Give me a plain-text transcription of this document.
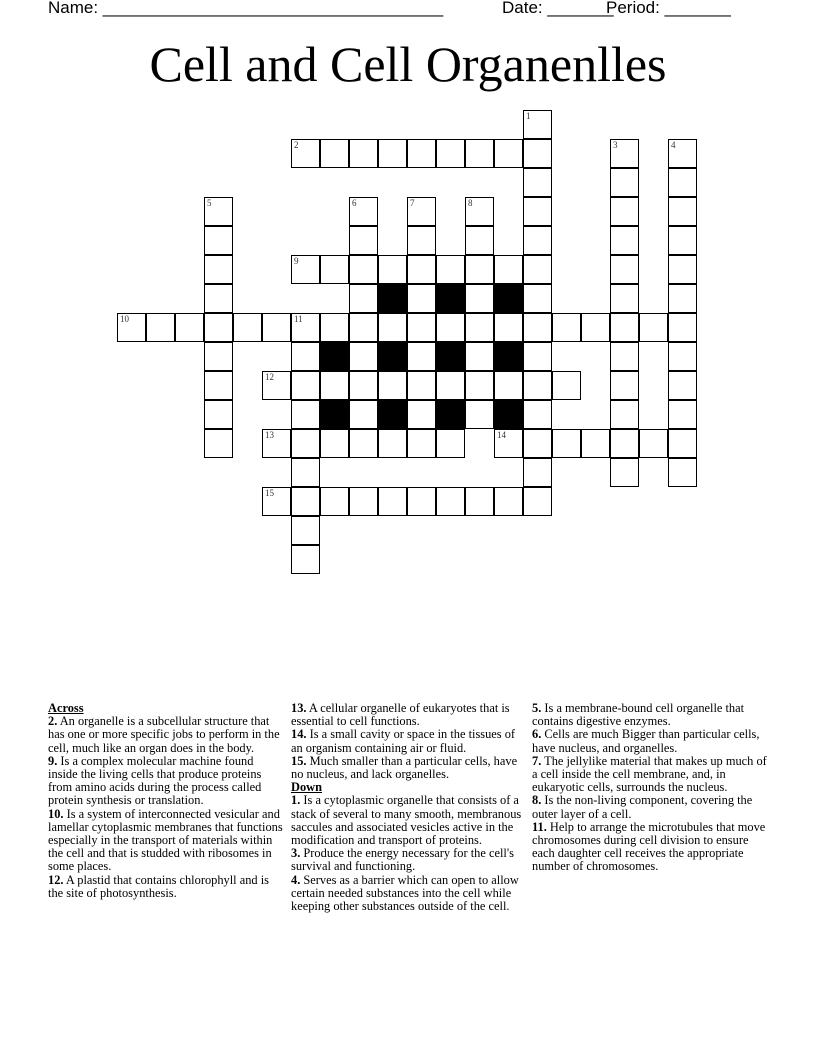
Name: ____________________________________	Date: _______
Period: _______
Cell and Cell Organenlles
1
2	3	4
5	6	7	8
9
10	11
12
13	14
15
Across
2. An organelle is a subcellular structure that has one or more specific jobs to perform in the cell, much like an organ does in the body.
9. Is a complex molecular machine found inside the living cells that produce proteins from amino acids during the process called protein synthesis or translation.
10. Is a system of interconnected vesicular and lamellar cytoplasmic membranes that functions especially in the transport of materials within the cell and that is studded with ribosomes in some places.
12. A plastid that contains chlorophyll and is the site of photosynthesis.
13. A cellular organelle of eukaryotes that is essential to cell functions.
14. Is a small cavity or space in the tissues of an organism containing air or fluid.
15. Much smaller than a particular cells, have no nucleus, and lack organelles.
Down
1. Is a cytoplasmic organelle that consists of a stack of several to many smooth, membranous saccules and associated vesicles active in the modification and transport of proteins.
3. Produce the energy necessary for the cell's survival and functioning.
4. Serves as a barrier which can open to allow certain needed substances into the cell while keeping other substances outside of the cell.
5. Is a membrane-bound cell organelle that contains digestive enzymes.
6. Cells are much Bigger than particular cells, have nucleus, and organelles.
7. The jellylike material that makes up much of a cell inside the cell membrane, and, in eukaryotic cells, surrounds the nucleus.
8. Is the non-living component, covering the outer layer of a cell.
11. Help to arrange the microtubules that move chromosomes during cell division to ensure each daughter cell receives the appropriate number of chromosomes.
